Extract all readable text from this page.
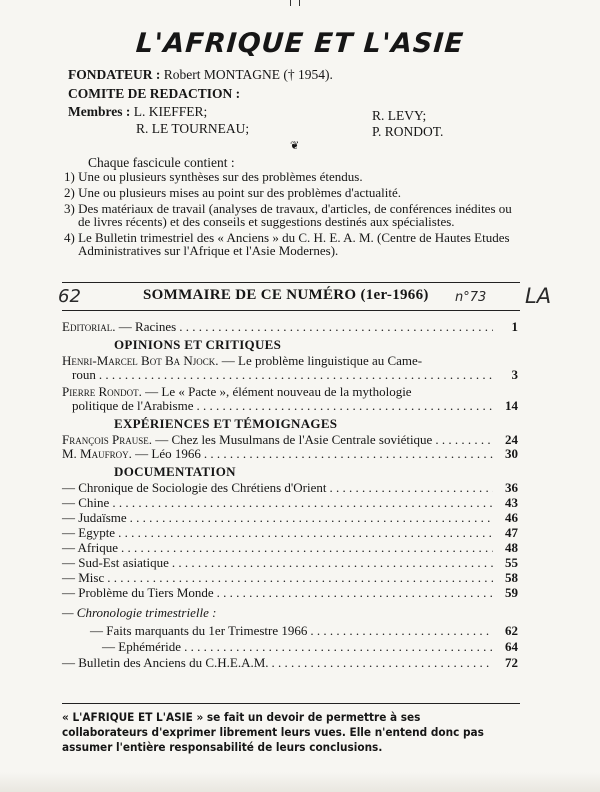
L'AFRIQUE ET L'ASIE
FONDATEUR : Robert MONTAGNE († 1954).
COMITE DE REDACTION :
Membres : L. KIEFFER;
R. LE TOURNEAU;
R. LEVY;
P. RONDOT.
❦
Chaque fascicule contient :
1) Une ou plusieurs synthèses sur des problèmes étendus.
2) Une ou plusieurs mises au point sur des problèmes d'actualité.
3) Des matériaux de travail (analyses de travaux, d'articles, de conférences inédites ou de livres récents) et des conseils et suggestions destinés aux spécialistes.
4) Le Bulletin trimestriel des « Anciens » du C. H. E. A. M. (Centre de Hautes Etudes Administratives sur l'Afrique et l'Asie Modernes).
62	SOMMAIRE DE CE NUMÉRO (1er-1966) n°73 LA
Editorial. — Racines . . .	1
OPINIONS ET CRITIQUES
Henri-Marcel Bot Ba Njock. — Le problème linguistique au Came-
roun . . .	3
Pierre Rondot. — Le « Pacte », élément nouveau de la mythologie
politique de l'Arabisme . . .	14
EXPÉRIENCES ET TÉMOIGNAGES
François Prause. — Chez les Musulmans de l'Asie Centrale soviétique . . .	24
M. Maufroy. — Léo 1966 . . .	30
DOCUMENTATION
— Chronique de Sociologie des Chrétiens d'Orient . . .	36
— Chine . . .	43
— Judaïsme . . .	46
— Egypte . . .	47
— Afrique . . .	48
— Sud-Est asiatique . . .	55
— Misc . . .	58
— Problème du Tiers Monde . . .	59
— Chronologie trimestrielle :
— Faits marquants du 1er Trimestre 1966 . . .	62
— Ephéméride . . .	64
— Bulletin des Anciens du C.H.E.A.M. . . .	72
« L'AFRIQUE ET L'ASIE » se fait un devoir de permettre à ses collaborateurs d'exprimer librement leurs vues. Elle n'entend donc pas assumer l'entière responsabilité de leurs conclusions.
